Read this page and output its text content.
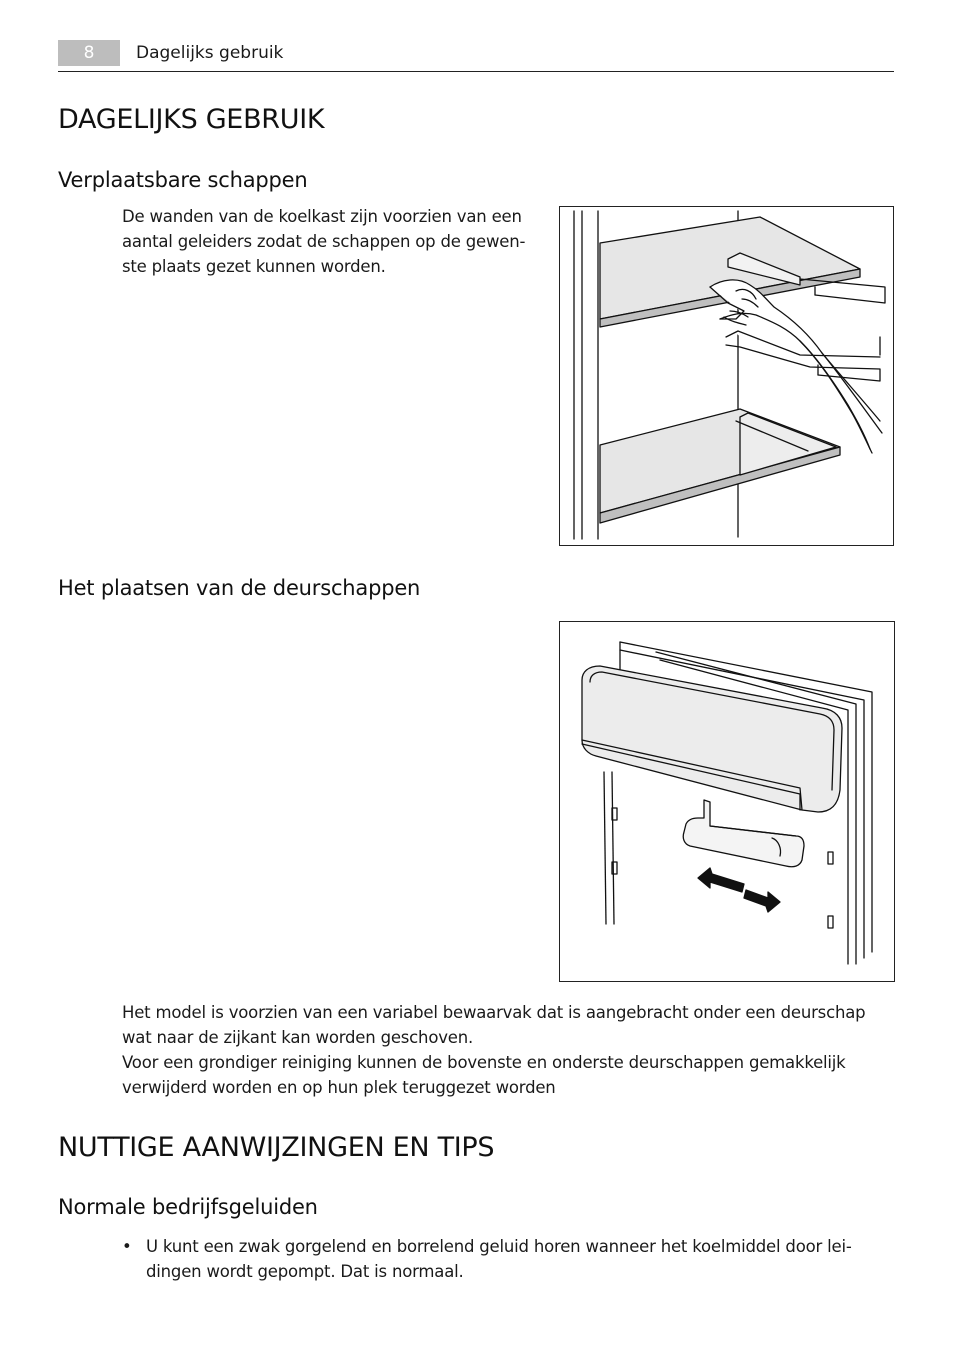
8	Dagelijks gebruik
DAGELIJKS GEBRUIK
Verplaatsbare schappen

De wanden van de koelkast zijn voorzien van een
aantal geleiders zodat de schappen op de gewen-
ste plaats gezet kunnen worden.

Het plaatsen van de deurschappen

Het model is voorzien van een variabel bewaarvak dat is aangebracht onder een deurschap
wat naar de zijkant kan worden geschoven.

Voor een grondiger reiniging kunnen de bovenste en onderste deurschappen gemakkelijk
verwijderd worden en op hun plek teruggezet worden

NUTTIGE AANWIJZINGEN EN TIPS
Normale bedrijfsgeluiden
• U kunt een zwak gorgelend en borrelend geluid horen wanneer het koelmiddel door lei-
dingen wordt gepompt. Dat is normaal.
